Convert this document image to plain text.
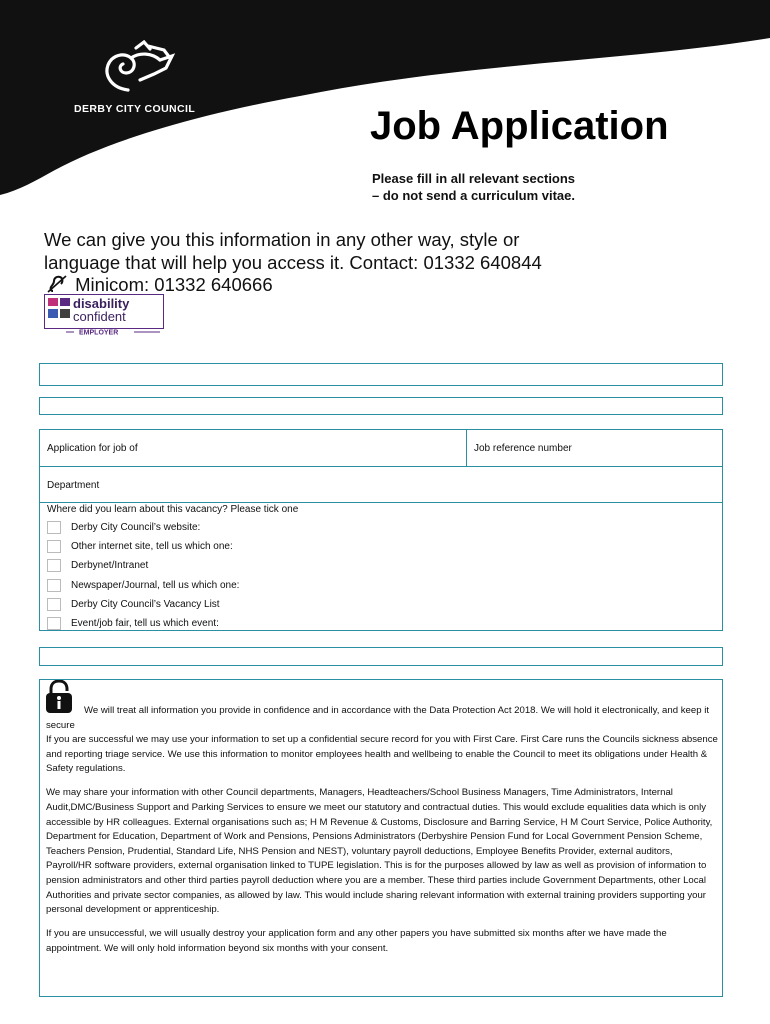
DERBY CITY COUNCIL	Job Application
Please fill in all relevant sections
– do not send a curriculum vitae.
We can give you this information in any other way, style or
language that will help you access it. Contact: 01332 640844
Minicom: 01332 640666
disability
confident
EMPLOYER
Application for job of	Job reference number
Department
Where did you learn about this vacancy? Please tick one
Derby City Council’s website:
Other internet site, tell us which one:
Derbynet/Intranet
Newspaper/Journal, tell us which one:
Derby City Council’s Vacancy List
Event/job fair, tell us which event:

We will treat all information you provide in confidence and in accordance with the Data Protection Act 2018. We will hold it electronically, and keep it secure

If you are successful we may use your information to set up a confidential secure record for you with First Care. First Care runs the Councils sickness absence and reporting triage service. We use this information to monitor employees health and wellbeing to enable the Council to meet its obligations under Health & Safety regulations.

We may share your information with other Council departments, Managers, Headteachers/School Business Managers, Time Administrators, Internal Audit,DMC/Business Support and Parking Services to ensure we meet our statutory and contractual duties. This would exclude equalities data which is only accessible by HR colleagues. External organisations such as; H M Revenue & Customs, Disclosure and Barring Service, H M Court Service, Police Authority, Department for Education, Department of Work and Pensions, Pensions Administrators (Derbyshire Pension Fund for Local Government Pension Scheme, Teachers Pension, Prudential, Standard Life, NHS Pension and NEST), voluntary payroll deductions, Employee Benefits Provider, external auditors, Payroll/HR software providers, external organisation linked to TUPE legislation. This is for the purposes allowed by law as well as provision of information to pension administrators and other third parties payroll deduction where you are a member. These third parties include Government Departments, other Local Authorities and private sector companies, as allowed by law. This would include sharing relevant information with external training providers supporting your personal development or apprenticeship.

If you are unsuccessful, we will usually destroy your application form and any other papers you have submitted six months after we have made the appointment. We will only hold information beyond six months with your consent.
